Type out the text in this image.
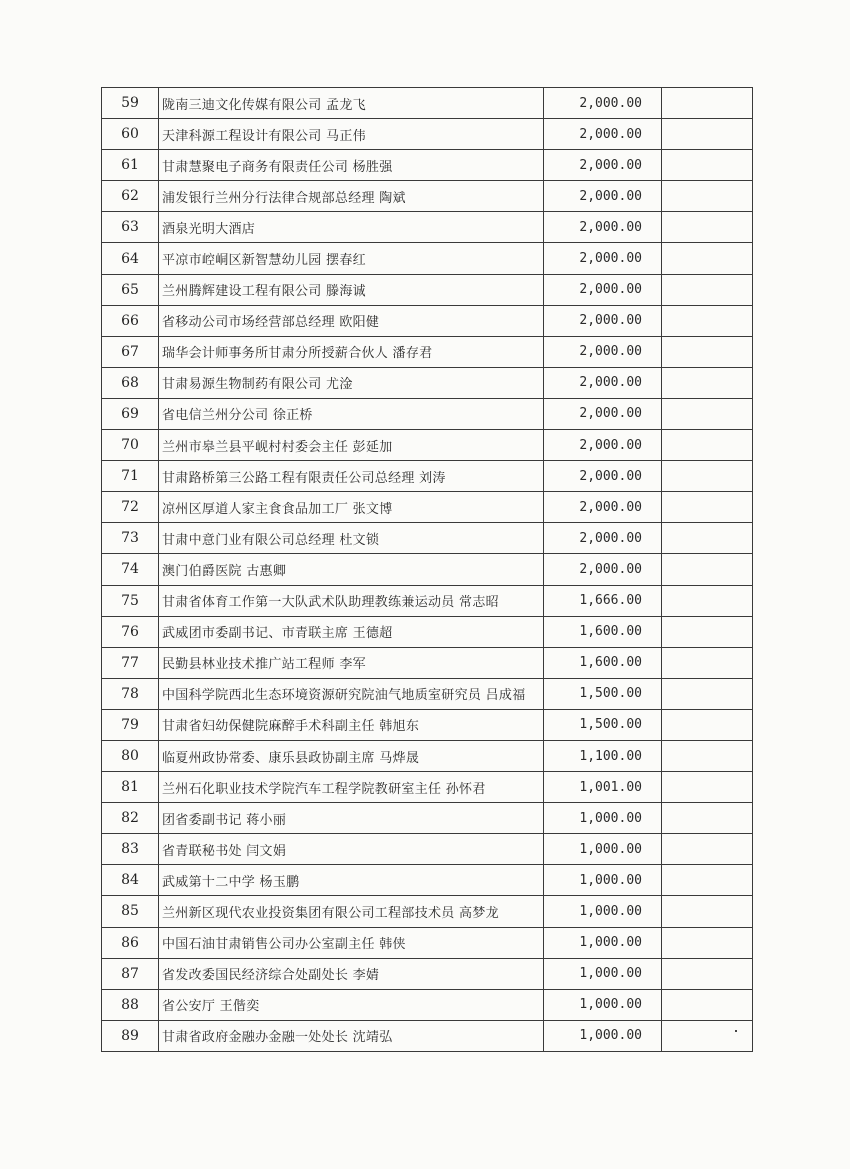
59	陇南三迪文化传媒有限公司 孟龙飞	2,000.00	
60	天津科源工程设计有限公司 马正伟	2,000.00	
61	甘肃慧聚电子商务有限责任公司 杨胜强	2,000.00	
62	浦发银行兰州分行法律合规部总经理 陶斌	2,000.00	
63	酒泉光明大酒店	2,000.00	
64	平凉市崆峒区新智慧幼儿园 摆春红	2,000.00	
65	兰州腾辉建设工程有限公司 滕海诚	2,000.00	
66	省移动公司市场经营部总经理 欧阳健	2,000.00	
67	瑞华会计师事务所甘肃分所授薪合伙人 潘存君	2,000.00	
68	甘肃易源生物制药有限公司 尤淦	2,000.00	
69	省电信兰州分公司 徐正桥	2,000.00	
70	兰州市皋兰县平岘村村委会主任 彭延加	2,000.00	
71	甘肃路桥第三公路工程有限责任公司总经理 刘涛	2,000.00	
72	凉州区厚道人家主食食品加工厂 张文博	2,000.00	
73	甘肃中意门业有限公司总经理 杜文锁	2,000.00	
74	澳门伯爵医院 古惠卿	2,000.00	
75	甘肃省体育工作第一大队武术队助理教练兼运动员 常志昭	1,666.00	
76	武威团市委副书记、市青联主席 王德超	1,600.00	
77	民勤县林业技术推广站工程师 李军	1,600.00	
78	中国科学院西北生态环境资源研究院油气地质室研究员 吕成福	1,500.00	
79	甘肃省妇幼保健院麻醉手术科副主任 韩旭东	1,500.00	
80	临夏州政协常委、康乐县政协副主席 马烨晟	1,100.00	
81	兰州石化职业技术学院汽车工程学院教研室主任 孙怀君	1,001.00	
82	团省委副书记 蒋小丽	1,000.00	
83	省青联秘书处 闫文娟	1,000.00	
84	武威第十二中学 杨玉鹏	1,000.00	
85	兰州新区现代农业投资集团有限公司工程部技术员 高梦龙	1,000.00	
86	中国石油甘肃销售公司办公室副主任 韩侠	1,000.00	
87	省发改委国民经济综合处副处长 李婧	1,000.00	
88	省公安厅 王偕奕	1,000.00	
89	甘肃省政府金融办金融一处处长 沈靖弘	1,000.00	
